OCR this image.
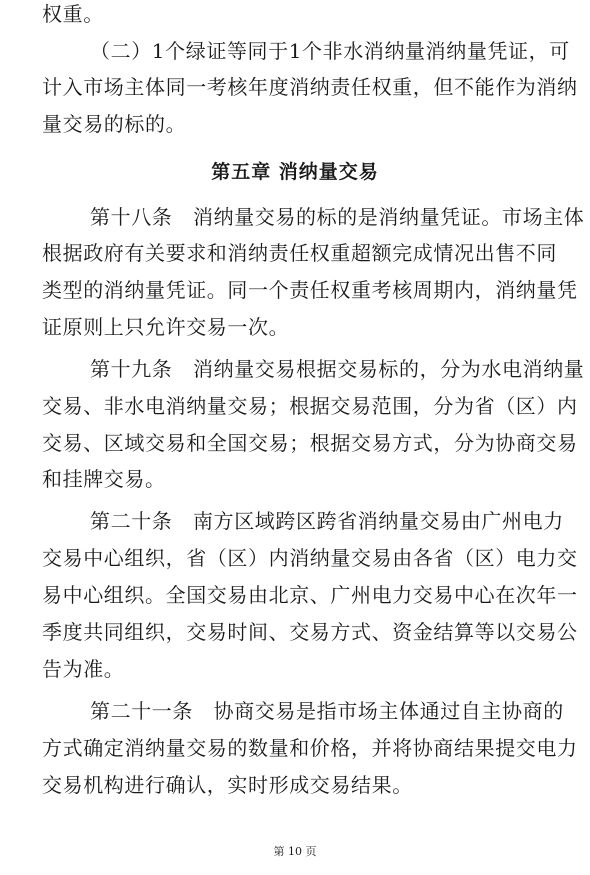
权重。
（二）1个绿证等同于1个非水消纳量消纳量凭证，可
计入市场主体同一考核年度消纳责任权重，但不能作为消纳
量交易的标的。
第五章 消纳量交易
第十八条　消纳量交易的标的是消纳量凭证。市场主体
根据政府有关要求和消纳责任权重超额完成情况出售不同
类型的消纳量凭证。同一个责任权重考核周期内，消纳量凭
证原则上只允许交易一次。
第十九条　消纳量交易根据交易标的，分为水电消纳量
交易、非水电消纳量交易；根据交易范围，分为省（区）内
交易、区域交易和全国交易；根据交易方式，分为协商交易
和挂牌交易。
第二十条　南方区域跨区跨省消纳量交易由广州电力
交易中心组织，省（区）内消纳量交易由各省（区）电力交
易中心组织。全国交易由北京、广州电力交易中心在次年一
季度共同组织，交易时间、交易方式、资金结算等以交易公
告为准。
第二十一条　协商交易是指市场主体通过自主协商的
方式确定消纳量交易的数量和价格，并将协商结果提交电力
交易机构进行确认，实时形成交易结果。
第 10 页
